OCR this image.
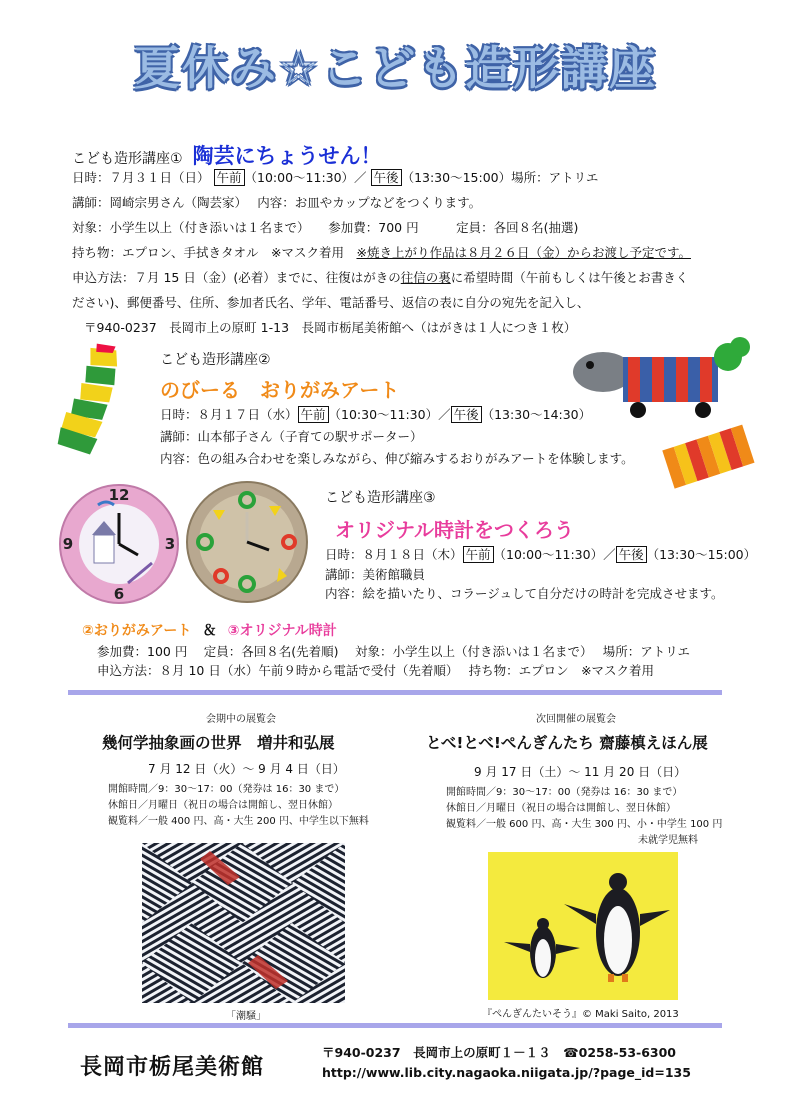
夏休み☆こども造形講座
こども造形講座① 陶芸にちょうせん！
日時：７月３１日（日） 午前 （10:00～11:30）／ 午後 （13:30～15:00）場所：アトリエ
講師：岡崎宗男さん（陶芸家）　 内容：お皿やカップなどをつくります。
対象：小学生以上（付き添いは１名まで）　　参加費：700 円　　　定員：各回８名(抽選)
持ち物：エプロン、手拭きタオル　※マスク着用　※焼き上がり作品は８月２６日（金）からお渡し予定です。
申込方法：７月 15 日（金）(必着）までに、往復はがきの往信の裏に希望時間（午前もしくは午後とお書きく
ださい)、郵便番号、住所、参加者氏名、学年、電話番号、返信の表に自分の宛先を記入し、
〒940-0237　長岡市上の原町 1-13　長岡市栃尾美術館へ（はがきは１人につき１枚）
こども造形講座②
のびーる　おりがみアート
日時：８月１７日（水） 午前 （10:30～11:30）／ 午後 （13:30～14:30）
講師：山本郁子さん（子育ての駅サポーター）
内容：色の組み合わせを楽しみながら、伸び縮みするおりがみアートを体験します。
12
3
6
9
こども造形講座③
オリジナル時計をつくろう
日時：８月１８日（木） 午前 （10:00～11:30）／ 午後 （13:30～15:00）
講師：美術館職員
内容：絵を描いたり、コラージュして自分だけの時計を完成させます。
②おりがみアート ＆ ③オリジナル時計
参加費：100 円　 定員：各回８名(先着順)　 対象：小学生以上（付き添いは１名まで）　 場所：アトリエ
申込方法：８月 10 日（水）午前９時から電話で受付（先着順）　 持ち物：エプロン　※マスク着用
会期中の展覧会
幾何学抽象画の世界　増井和弘展
7 月 12 日（火）～ 9 月 4 日（日）
開館時間／9：30～17：00（発券は 16：30 まで）
休館日／月曜日（祝日の場合は開館し、翌日休館）
観覧料／一般 400 円、高・大生 200 円、中学生以下無料
「潮騒」
次回開催の展覧会
とべ!とべ!ぺんぎんたち 齋藤槙えほん展
9 月 17 日（土）～ 11 月 20 日（日）
開館時間／9：30～17：00（発券は 16：30 まで）
休館日／月曜日（祝日の場合は開館し、翌日休館）
観覧料／一般 600 円、高・大生 300 円、小・中学生 100 円
未就学児無料
『ぺんぎんたいそう』© Maki Saito, 2013
長岡市栃尾美術館
〒940-0237　長岡市上の原町１－１３　☎0258-53-6300
http://www.lib.city.nagaoka.niigata.jp/?page_id=135
